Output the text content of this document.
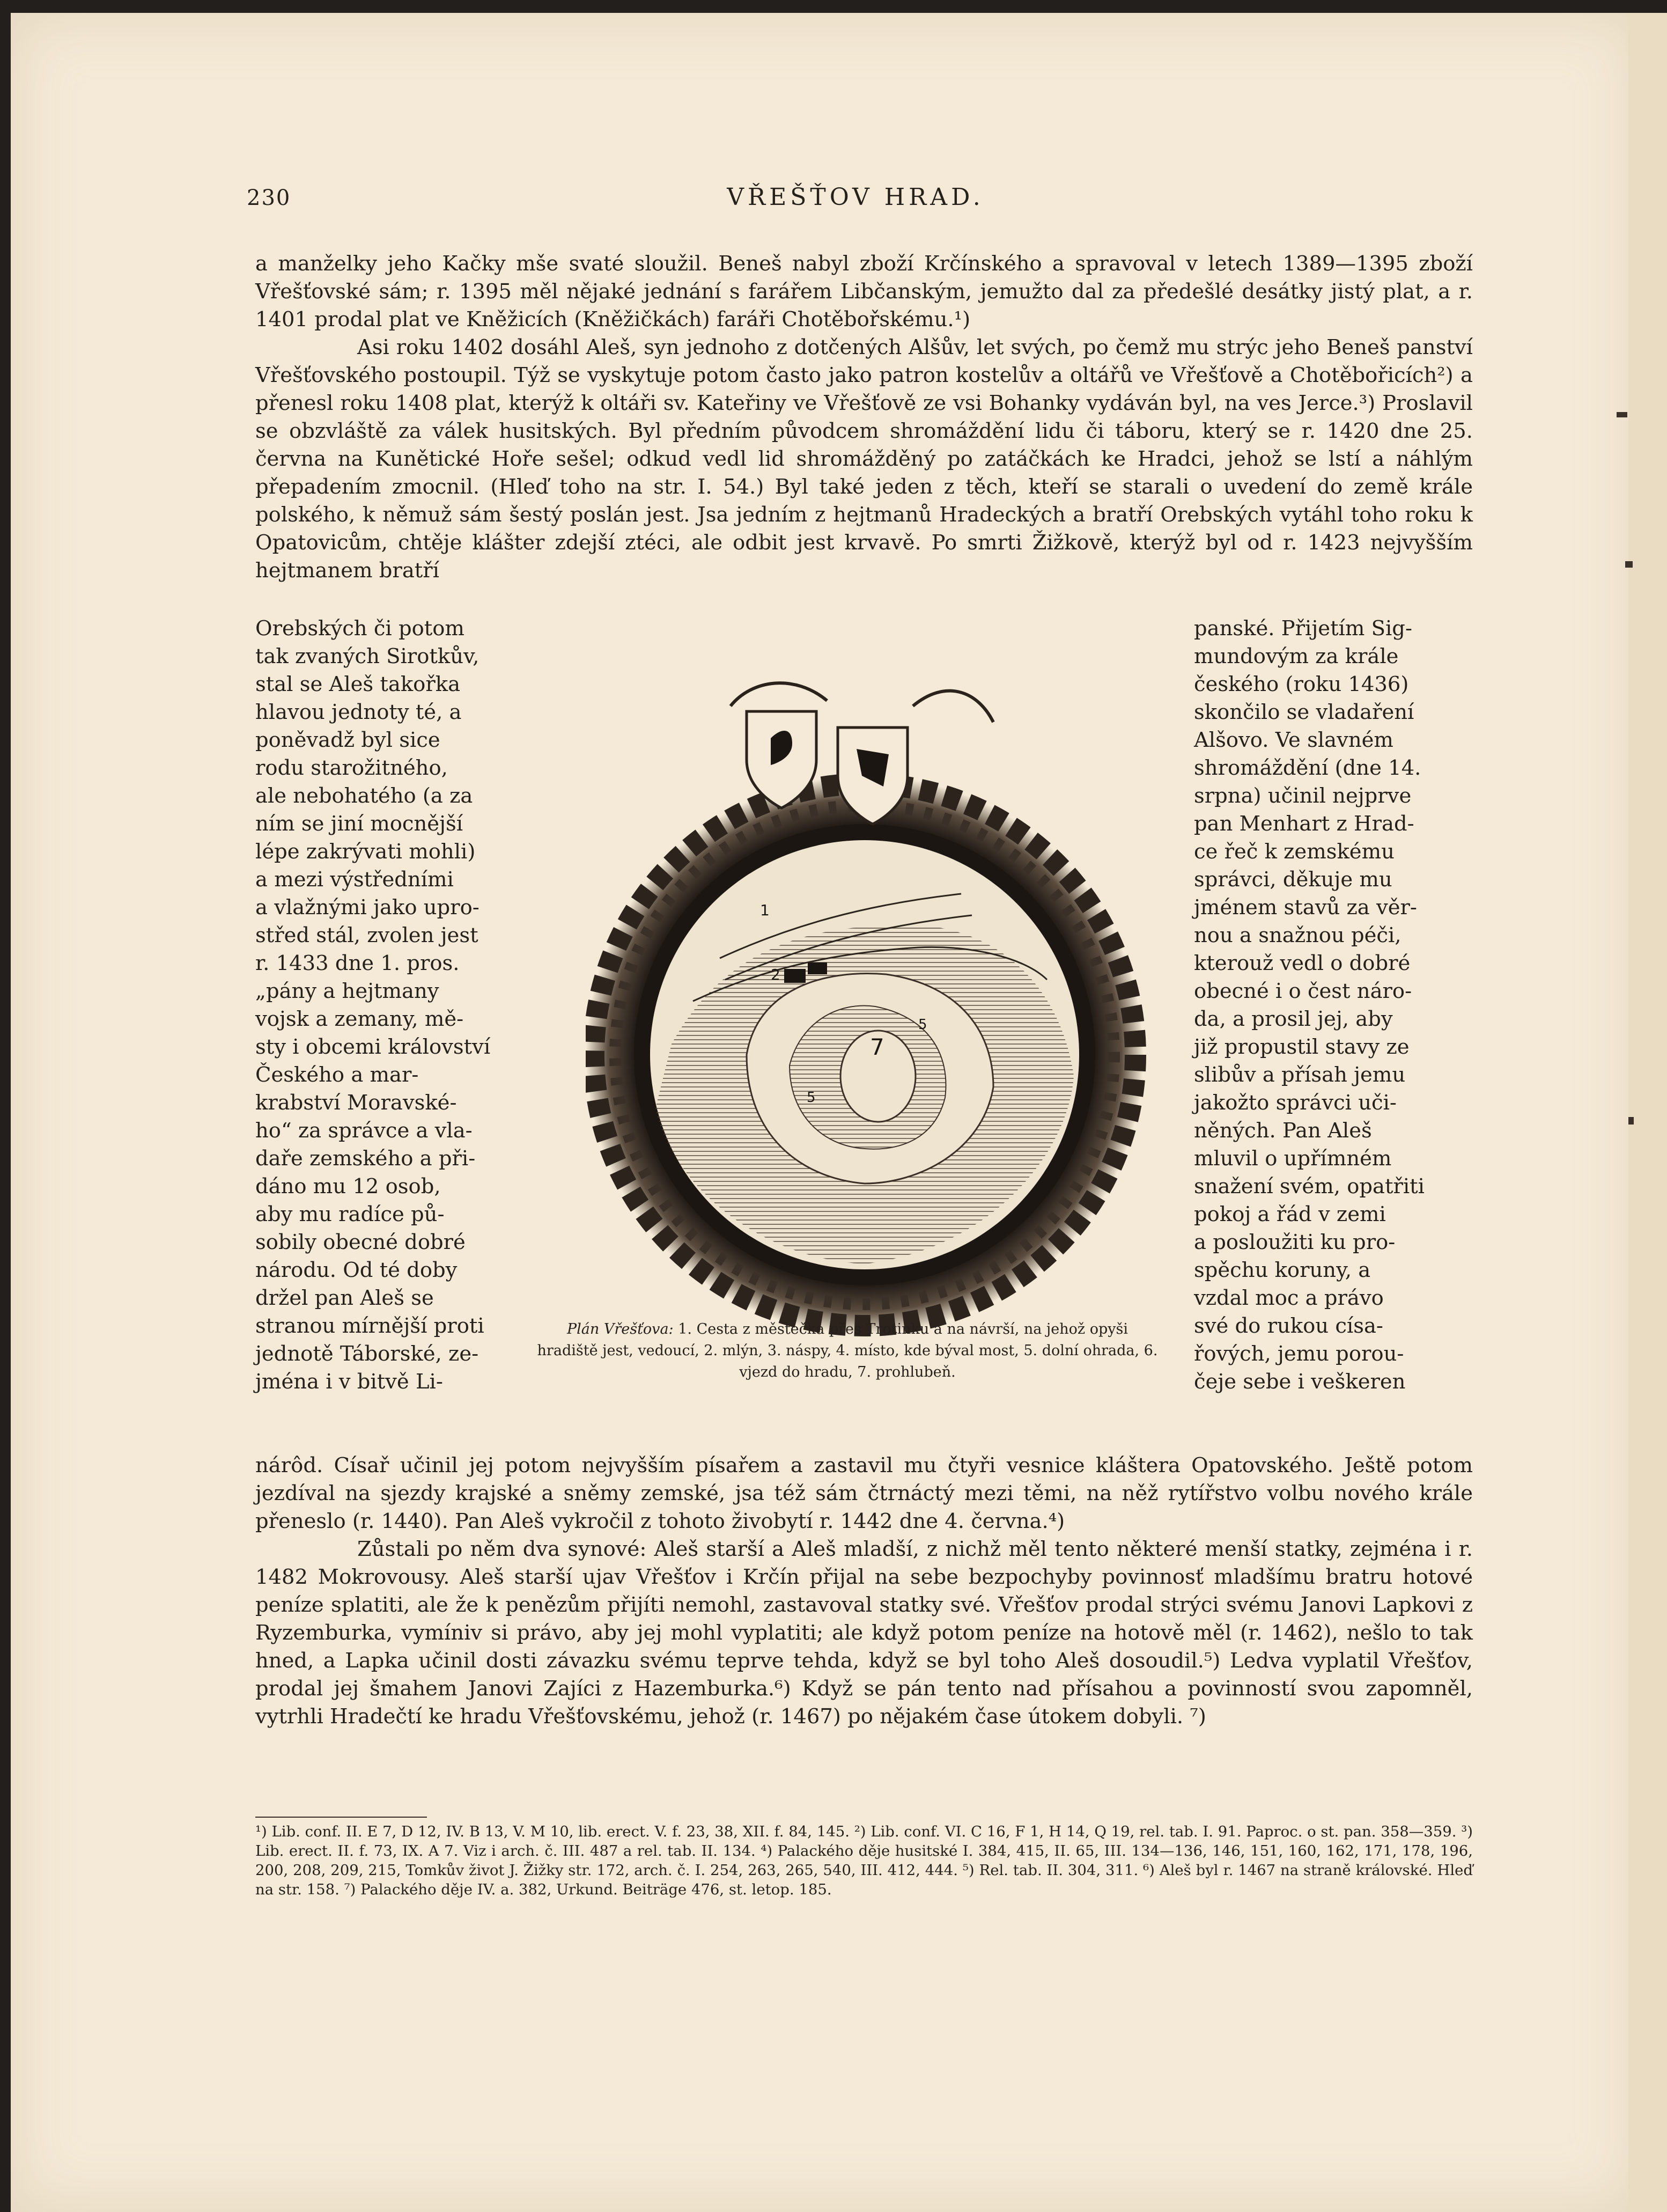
230	VŘEŠŤOV HRAD.

a manželky jeho Kačky mše svaté sloužil. Beneš nabyl zboží Krčínského a spravoval v letech 1389—1395 zboží Vřešťovské sám; r. 1395 měl nějaké jednání s farářem Libčanským, jemužto dal za předešlé desátky jistý plat, a r. 1401 prodal plat ve Kněžicích (Kněžičkách) faráři Chotěbořskému.¹)

Asi roku 1402 dosáhl Aleš, syn jednoho z dotčených Alšův, let svých, po čemž mu strýc jeho Beneš panství Vřešťovského postoupil. Týž se vyskytuje potom často jako patron kostelův a oltářů ve Vřešťově a Chotěbořicích²) a přenesl roku 1408 plat, kterýž k oltáři sv. Kateřiny ve Vřešťově ze vsi Bohanky vydáván byl, na ves Jerce.³) Proslavil se obzvláště za válek husitských. Byl předním původcem shromáždění lidu či táboru, který se r. 1420 dne 25. června na Kunětické Hoře sešel; odkud vedl lid shromážděný po zatáčkách ke Hradci, jehož se lstí a náhlým přepadením zmocnil. (Hleď toho na str. I. 54.) Byl také jeden z těch, kteří se starali o uvedení do země krále polského, k němuž sám šestý poslán jest. Jsa jedním z hejtmanů Hradeckých a bratří Orebských vytáhl toho roku k Opatovicům, chtěje klášter zdejší ztéci, ale odbit jest krvavě. Po smrti Žižkově, kterýž byl od r. 1423 nejvyšším hejtmanem bratří

Orebských či potom
tak zvaných Sirotkův,
stal se Aleš takořka
hlavou jednoty té, a
poněvadž byl sice
rodu starožitného,
ale nebohatého (a za
ním se jiní mocnější
lépe zakrývati mohli)
a mezi výstředními
a vlažnými jako upro-
střed stál, zvolen jest
r. 1433 dne 1. pros.
„pány a hejtmany
vojsk a zemany, mě-
sty i obcemi království
Českého a mar-
krabství Moravské-
ho“ za správce a vla-
daře zemského a při-
dáno mu 12 osob,
aby mu radíce pů-
sobily obecné dobré
národu. Od té doby
držel pan Aleš se
stranou mírnější proti
jednotě Táborské, ze-
jména i v bitvě Li-
panské. Přijetím Sig-
mundovým za krále
českého (roku 1436)
skončilo se vladaření
Alšovo. Ve slavném
shromáždění (dne 14.
srpna) učinil nejprve
pan Menhart z Hrad-
ce řeč k zemskému
správci, děkuje mu
jménem stavů za věr-
nou a snažnou péči,
kterouž vedl o dobré
obecné i o čest náro-
da, a prosil jej, aby
již propustil stavy ze
slibův a přísah jemu
jakožto správci uči-
něných. Pan Aleš
mluvil o upřímném
snažení svém, opatřiti
pokoj a řád v zemi
a posloužiti ku pro-
spěchu koruny, a
vzdal moc a právo
své do rukou císa-
řových, jemu porou-
čeje sebe i veškeren
1
2
5
5
7
Plán Vřešťova: 1. Cesta z městečka přes Trotinku a na návrší, na jehož opyši hradiště jest, vedoucí, 2. mlýn, 3. náspy, 4. místo, kde býval most, 5. dolní ohrada, 6. vjezd do hradu, 7. prohlubeň.

nárôd. Císař učinil jej potom nejvyšším písařem a zastavil mu čtyři vesnice kláštera Opatovského. Ještě potom jezdíval na sjezdy krajské a sněmy zemské, jsa též sám čtrnáctý mezi těmi, na něž rytířstvo volbu nového krále přeneslo (r. 1440). Pan Aleš vykročil z tohoto živobytí r. 1442 dne 4. června.⁴)

Zůstali po něm dva synové: Aleš starší a Aleš mladší, z nichž měl tento některé menší statky, zejména i r. 1482 Mokrovousy. Aleš starší ujav Vřešťov i Krčín přijal na sebe bezpochyby povinnosť mladšímu bratru hotové peníze splatiti, ale že k penězům přijíti nemohl, zastavoval statky své. Vřešťov prodal strýci svému Janovi Lapkovi z Ryzemburka, vymíniv si právo, aby jej mohl vyplatiti; ale když potom peníze na hotově měl (r. 1462), nešlo to tak hned, a Lapka učinil dosti závazku svému teprve tehda, když se byl toho Aleš dosoudil.⁵) Ledva vyplatil Vřešťov, prodal jej šmahem Janovi Zajíci z Hazemburka.⁶) Když se pán tento nad přísahou a povinností svou zapomněl, vytrhli Hradečtí ke hradu Vřešťovskému, jehož (r. 1467) po nějakém čase útokem dobyli. ⁷)

¹) Lib. conf. II. E 7, D 12, IV. B 13, V. M 10, lib. erect. V. f. 23, 38, XII. f. 84, 145. ²) Lib. conf. VI. C 16, F 1, H 14, Q 19, rel. tab. I. 91. Paproc. o st. pan. 358—359. ³) Lib. erect. II. f. 73, IX. A 7. Viz i arch. č. III. 487 a rel. tab. II. 134. ⁴) Palackého děje husitské I. 384, 415, II. 65, III. 134—136, 146, 151, 160, 162, 171, 178, 196, 200, 208, 209, 215, Tomkův život J. Žižky str. 172, arch. č. I. 254, 263, 265, 540, III. 412, 444. ⁵) Rel. tab. II. 304, 311. ⁶) Aleš byl r. 1467 na straně královské. Hleď na str. 158. ⁷) Palackého děje IV. a. 382, Urkund. Beiträge 476, st. letop. 185.
